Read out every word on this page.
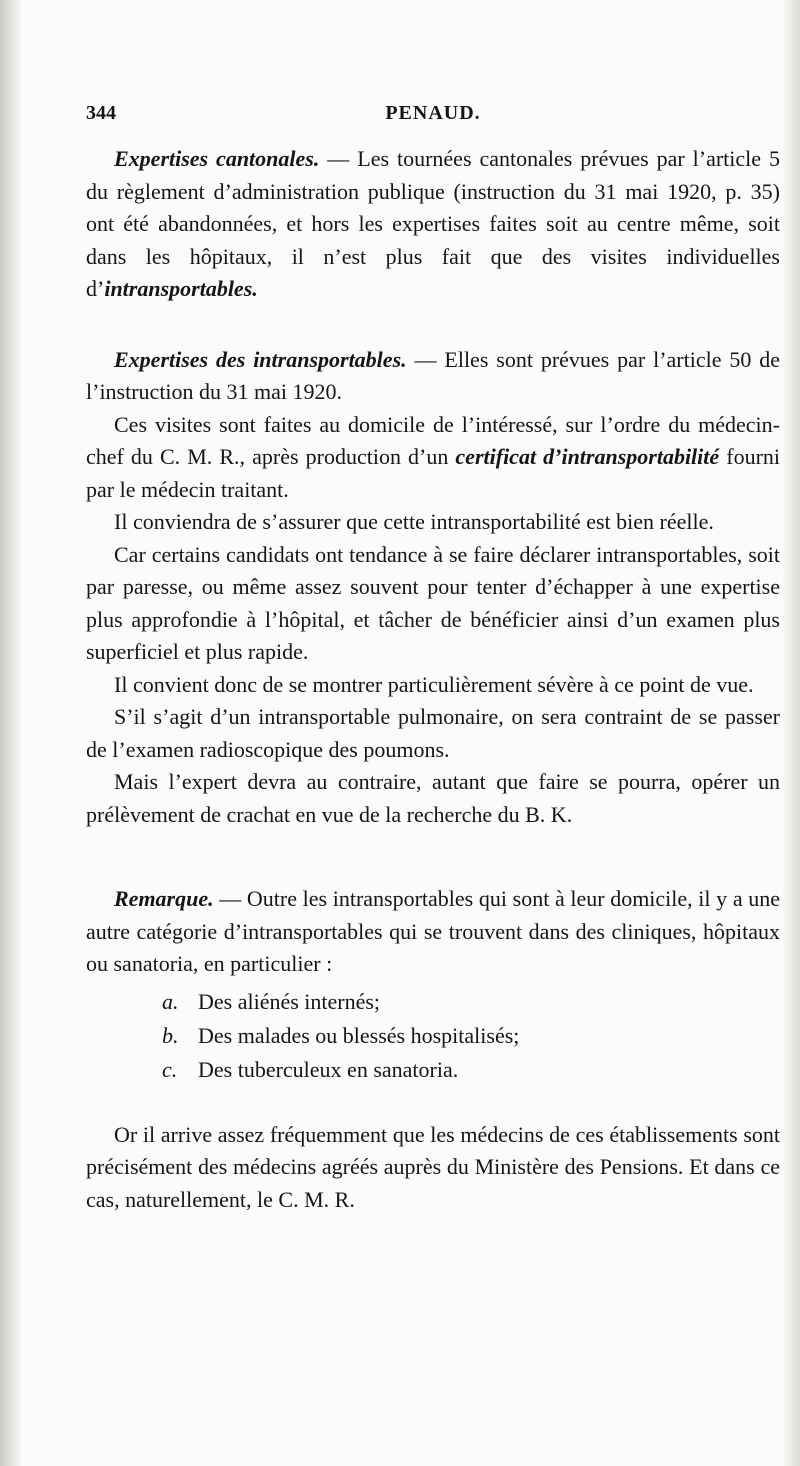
344	PENAUD.

Expertises cantonales. — Les tournées cantonales prévues par l’article 5 du règlement d’administration publique (instruction du 31 mai 1920, p. 35) ont été abandonnées, et hors les expertises faites soit au centre même, soit dans les hôpitaux, il n’est plus fait que des visites individuelles d’intransportables.

Expertises des intransportables. — Elles sont prévues par l’article 50 de l’instruction du 31 mai 1920.

Ces visites sont faites au domicile de l’intéressé, sur l’ordre du médecin-chef du C. M. R., après production d’un certificat d’intransportabilité fourni par le médecin traitant.

Il conviendra de s’assurer que cette intransportabilité est bien réelle.

Car certains candidats ont tendance à se faire déclarer intransportables, soit par paresse, ou même assez souvent pour tenter d’échapper à une expertise plus approfondie à l’hôpital, et tâcher de bénéficier ainsi d’un examen plus superficiel et plus rapide.

Il convient donc de se montrer particulièrement sévère à ce point de vue.

S’il s’agit d’un intransportable pulmonaire, on sera contraint de se passer de l’examen radioscopique des poumons.

Mais l’expert devra au contraire, autant que faire se pourra, opérer un prélèvement de crachat en vue de la recherche du B. K.

Remarque. — Outre les intransportables qui sont à leur domicile, il y a une autre catégorie d’intransportables qui se trouvent dans des cliniques, hôpitaux ou sanatoria, en particulier :

a. Des aliénés internés;

b. Des malades ou blessés hospitalisés;

c. Des tuberculeux en sanatoria.

Or il arrive assez fréquemment que les médecins de ces établissements sont précisément des médecins agréés auprès du Ministère des Pensions. Et dans ce cas, naturellement, le C. M. R.
